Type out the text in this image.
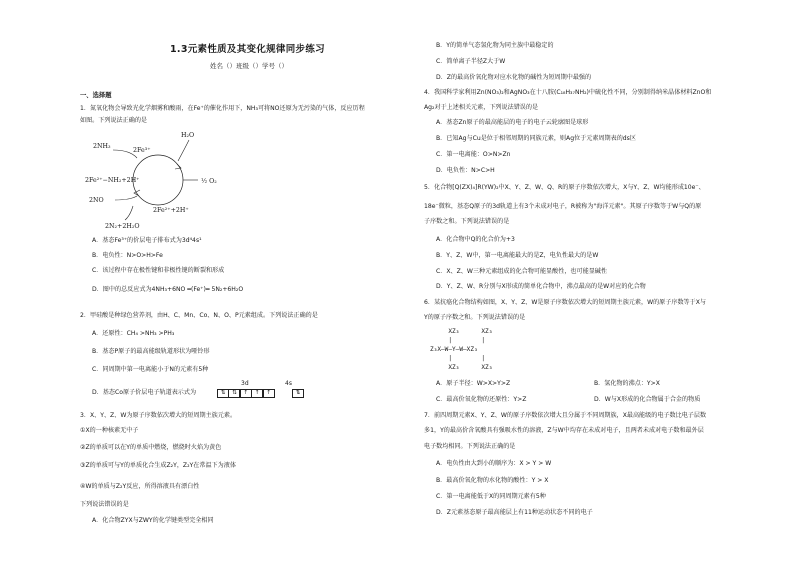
1.3元素性质及其变化规律同步练习
姓名（）班级（）学号（）
一、选择题
1．氮氧化物会导致光化学烟雾和酸雨，在Fe⁺的催化作用下，NH₃可将NO还原为无污染的气体，反应历程
如图。下列说法正确的是
2NH₃
2Fe³⁺
H₂O
2Fe²⁺−NH₂+2H⁺	½ O₂
2NO
2Fe²⁺+2H⁺
2N₂+2H₂O
A．基态Fe³⁺的价层电子排布式为3d⁴4s¹
B．电负性：N>O>H>Fe
C．该过程中存在极性键和非极性键的断裂和形成
D．图中的总反应式为4NH₃+6NO ═(Fe⁺)═ 5N₂+6H₂O
2．甲硅酸是种绿色营养剂，由H、C、Mn、Co、N、O、P元素组成。下列说法正确的是
A．还原性：CH₄ >NH₃ >PH₃
B．基态P原子的最高能级轨道形状为哑铃形
C．同周期中第一电离能小于N的元素有5种
D．基态Co原子价层电子轨道表示式为
3d	4s
⇅ ⇅ ↑ ↑ ↑	⇅
3．X、Y、Z、W为原子序数依次增大的短周期主族元素。
①X的一种核素无中子
②Z的单质可以在Y的单质中燃烧，燃烧时火焰为黄色
③Z的单质可与Y的单质化合生成Z₂Y，Z₂Y在常温下为液体
④W的单质与Z₂Y反应，所得溶液具有漂白性
下列说法错误的是
A．化合物ZYX与ZWY的化学键类型完全相同
B．Y的简单气态氢化物为同主族中最稳定的
C．简单离子半径Z大于W
D．Z的最高价氧化物对应水化物的碱性为短周期中最强的
4．我国科学家利用Zn(NO₃)₂和AgNO₃在十八胺(C₁₈H₃₇NH₂)中硫化性不同，分别制得纳米晶体材料ZnO和
Ag₂对于上述相关元素，下列说法错误的是
A．基态Zn原子的最高能层的电子的电子云轮廓图是球形
B．已知Ag与Cu是位于相邻周期的同族元素，则Ag位于元素周期表的ds区
C．第一电离能：O>N>Zn
D．电负性：N>C>H
5．化合物[Q(ZX)₄]R(YW)₂中X、Y、Z、W、Q、R的原子序数依次增大，X与Y、Z、W均能形成10e⁻、
18e⁻微粒，基态Q原子的3d轨道上有3个未成对电子，R被称为"海洋元素"。其原子序数等于W与Q的原
子序数之和。下列说法错误的是
A．化合物中Q的化合价为+3
B．Y、Z、W中，第一电离能最大的是Z，电负性最大的是W
C．X、Z、W三种元素组成的化合物可能显酸性，也可能显碱性
D．Y、Z、W、R分别与X形成的简单化合物中，沸点最高的是W对应的化合物
6．某抗癌化合物结构如图，X、Y、Z、W是原子序数依次增大的短周期主族元素，W的原子序数等于X与
Y的原子序数之和。下列说法错误的是
XZ₃      XZ₃
|        |
Z₃X—W—Y—W—XZ₃
|        |
XZ₃      XZ₃
A．原子半径：W>X>Y>Z	B．氢化物的沸点：Y>X
C．最高价氧化物的还原性：Y>Z	D．W与X形成的化合物属于合金的物质
7．前四周期元素X、Y、Z、W的原子序数依次增大且分属于不同周期族，X最高能级的电子数比电子层数
多1，Y的最高价含氧酸具有强吸水性的溶液，Z与W中均存在未成对电子，且两者未成对电子数和最外层
电子数均相同。下列说法正确的是
A．电负性由大到小的顺序为：X > Y > W
B．最高价氧化物的水化物的酸性：Y > X
C．第一电离能低于X的同周期元素有5种
D．Z元素基态原子最高能层上有11种运动状态不同的电子
